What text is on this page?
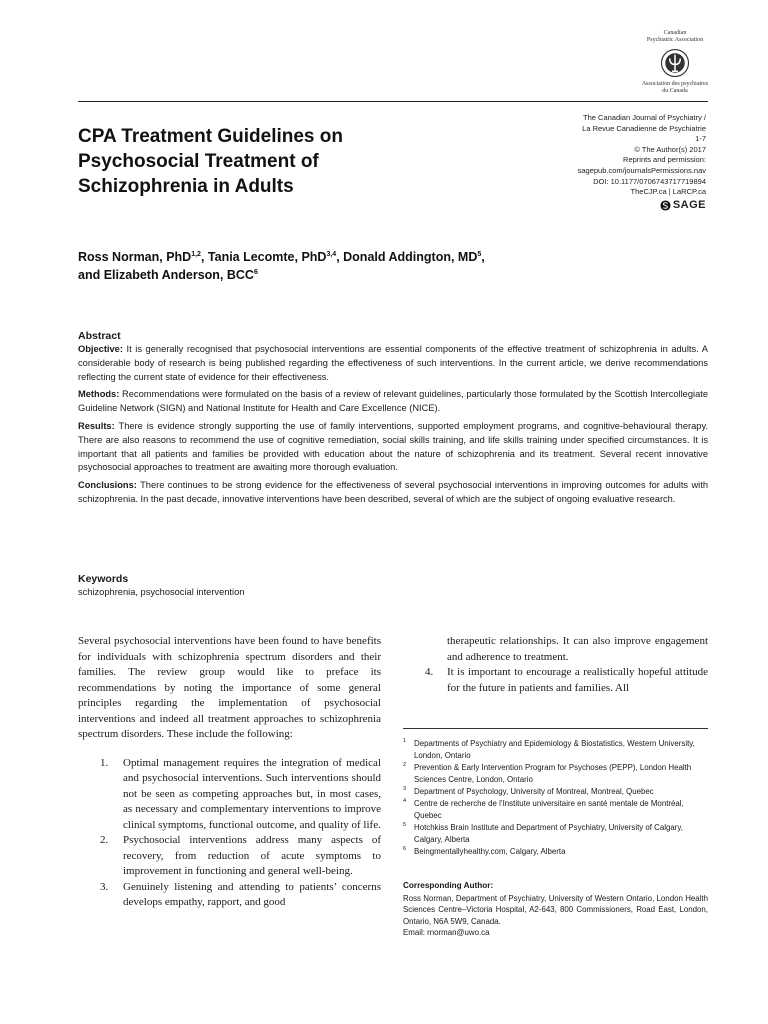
Canadian
Psychiatric Association
Association des psychiatres
du Canada
CPA Treatment Guidelines on Psychosocial Treatment of Schizophrenia in Adults
The Canadian Journal of Psychiatry /
La Revue Canadienne de Psychiatrie
1-7
© The Author(s) 2017
Reprints and permission:
sagepub.com/journalsPermissions.nav
DOI: 10.1177/0706743717719894
TheCJP.ca | LaRCP.ca
SAGE
Ross Norman, PhD$^{1,2}$, Tania Lecomte, PhD$^{3,4}$, Donald Addington, $MD^5$,
and Elizabeth Anderson, BCC$^6$
Abstract

Objective: It is generally recognised that psychosocial interventions are essential components of the effective treatment of schizophrenia in adults. A considerable body of research is being published regarding the effectiveness of such interventions. In the current article, we derive recommendations reflecting the current state of evidence for their effectiveness.

Methods: Recommendations were formulated on the basis of a review of relevant guidelines, particularly those formulated by the Scottish Intercollegiate Guideline Network (SIGN) and National Institute for Health and Care Excellence (NICE).

Results: There is evidence strongly supporting the use of family interventions, supported employment programs, and cognitive-behavioural therapy. There are also reasons to recommend the use of cognitive remediation, social skills training, and life skills training under specified circumstances. It is important that all patients and families be provided with education about the nature of schizophrenia and its treatment. Several recent innovative psychosocial approaches to treatment are awaiting more thorough evaluation.

Conclusions: There continues to be strong evidence for the effectiveness of several psychosocial interventions in improving outcomes for adults with schizophrenia. In the past decade, innovative interventions have been described, several of which are the subject of ongoing evaluative research.

Keywords

schizophrenia, psychosocial intervention

Several psychosocial interventions have been found to have benefits for individuals with schizophrenia spectrum disorders and their families. The review group would like to preface its recommendations by noting the importance of some general principles regarding the implementation of psychosocial interventions and indeed all treatment approaches to schizophrenia spectrum disorders. These include the following:

1. Optimal management requires the integration of medical and psychosocial interventions. Such interventions should not be seen as competing approaches but, in most cases, as necessary and complementary interventions to improve clinical symptoms, functional outcome, and quality of life.
2. Psychosocial interventions address many aspects of recovery, from reduction of acute symptoms to improvement in functioning and general well-being.
3. Genuinely listening and attending to patients’ concerns develops empathy, rapport, and good

therapeutic relationships. It can also improve engagement and adherence to treatment.

4. It is important to encourage a realistically hopeful attitude for the future in patients and families. All

1 Departments of Psychiatry and Epidemiology & Biostatistics, Western University, London, Ontario

2 Prevention & Early Intervention Program for Psychoses (PEPP), London Health Sciences Centre, London, Ontario

3 Department of Psychology, University of Montreal, Montreal, Quebec

4 Centre de recherche de l’Institute universitaire en santé mentale de Montréal, Quebec

5 Hotchkiss Brain Institute and Department of Psychiatry, University of Calgary, Calgary, Alberta

6 Beingmentallyhealthy.com, Calgary, Alberta

Corresponding Author:

Ross Norman, Department of Psychiatry, University of Western Ontario, London Health Sciences Centre–Victoria Hospital, A2-643, 800 Commissioners, Road East, London, Ontario, N6A 5W9, Canada.

Email: rnorman@uwo.ca
